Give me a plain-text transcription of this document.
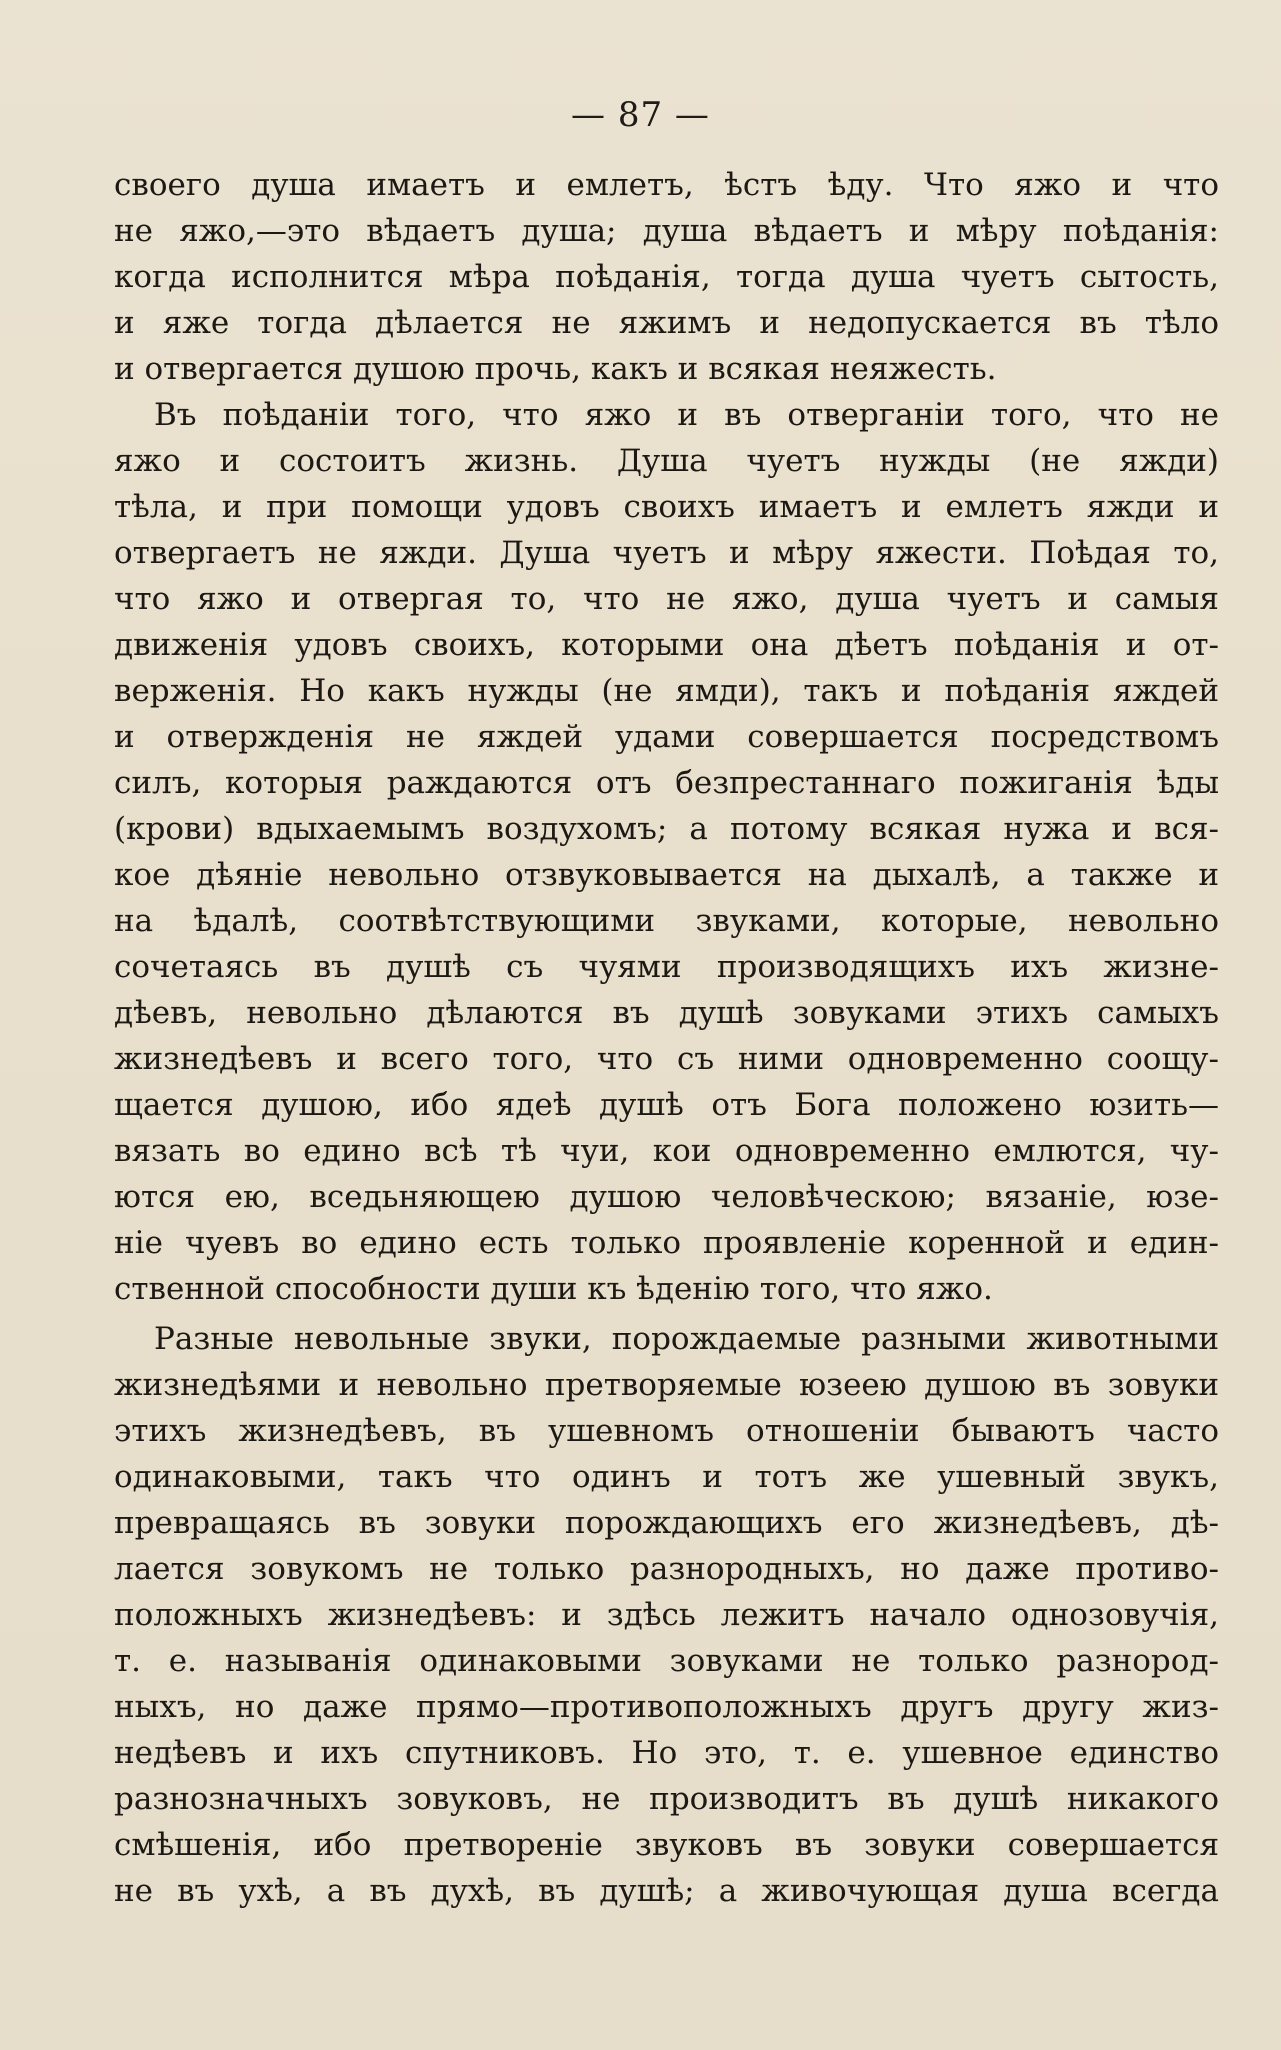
— 87 —
своего душа имаетъ и емлетъ, ѣстъ ѣду. Что яжо и что
не яжо,—это вѣдаетъ душа; душа вѣдаетъ и мѣру поѣданія:
когда исполнится мѣра поѣданія, тогда душа чуетъ сытость,
и яже тогда дѣлается не яжимъ и недопускается въ тѣло
и отвергается душою прочь, какъ и всякая неяжесть.
Въ поѣданіи того, что яжо и въ отверганіи того, что не
яжо и состоитъ жизнь. Душа чуетъ нужды (не яжди)
тѣла, и при помощи удовъ своихъ имаетъ и емлетъ яжди и
отвергаетъ не яжди. Душа чуетъ и мѣру яжести. Поѣдая то,
что яжо и отвергая то, что не яжо, душа чуетъ и самыя
движенія удовъ своихъ, которыми она дѣетъ поѣданія и от-
верженія. Но какъ нужды (не ямди), такъ и поѣданія яждей
и отвержденія не яждей удами совершается посредствомъ
силъ, которыя раждаются отъ безпрестаннаго пожиганія ѣды
(крови) вдыхаемымъ воздухомъ; а потому всякая нужа и вся-
кое дѣяніе невольно отзвуковывается на дыхалѣ, а также и
на ѣдалѣ, соотвѣтствующими звуками, которые, невольно
сочетаясь въ душѣ съ чуями производящихъ ихъ жизне-
дѣевъ, невольно дѣлаются въ душѣ зовуками этихъ самыхъ
жизнедѣевъ и всего того, что съ ними одновременно соощу-
щается душою, ибо ядеѣ душѣ отъ Бога положено юзить—
вязать во едино всѣ тѣ чуи, кои одновременно емлются, чу-
ются ею, вседьняющею душою человѣческою; вязаніе, юзе-
ніе чуевъ во едино есть только проявленіе коренной и един-
ственной способности души къ ѣденію того, что яжо.
Разные невольные звуки, порождаемые разными животными
жизнедѣями и невольно претворяемые юзеею душою въ зовуки
этихъ жизнедѣевъ, въ ушевномъ отношеніи бываютъ часто
одинаковыми, такъ что одинъ и тотъ же ушевный звукъ,
превращаясь въ зовуки порождающихъ его жизнедѣевъ, дѣ-
лается зовукомъ не только разнородныхъ, но даже противо-
положныхъ жизнедѣевъ: и здѣсь лежитъ начало однозовучія,
т. е. называнія одинаковыми зовуками не только разнород-
ныхъ, но даже прямо—противоположныхъ другъ другу жиз-
недѣевъ и ихъ спутниковъ. Но это, т. е. ушевное единство
разнозначныхъ зовуковъ, не производитъ въ душѣ никакого
смѣшенія, ибо претвореніе звуковъ въ зовуки совершается
не въ ухѣ, а въ духѣ, въ душѣ; а живочующая душа всегда
